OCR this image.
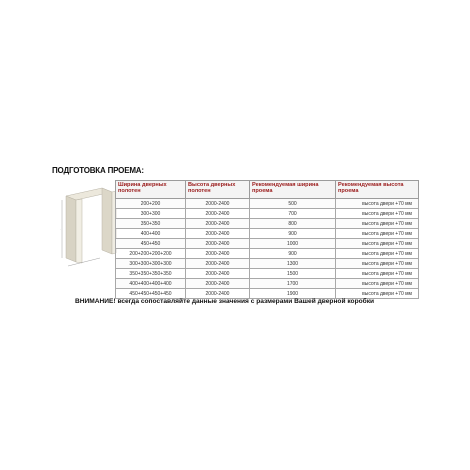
ПОДГОТОВКА ПРОЕМА:
·
Ширина дверных полотен	Высота дверных полотен	Рекомендуемая ширина проема	Рекомендуемая высота проема
200+200	2000-2400	500	высота двери +70 мм
300+300	2000-2400	700	высота двери +70 мм
350+350	2000-2400	800	высота двери +70 мм
400+400	2000-2400	900	высота двери +70 мм
450+450	2000-2400	1000	высота двери +70 мм
200+200+200+200	2000-2400	900	высота двери +70 мм
300+300+300+300	2000-2400	1300	высота двери +70 мм
350+350+350+350	2000-2400	1500	высота двери +70 мм
400+400+400+400	2000-2400	1700	высота двери +70 мм
450+450+450+450	2000-2400	1900	высота двери +70 мм
ВНИМАНИЕ! всегда сопоставляйте данные значения с размерами Вашей дверной коробки
